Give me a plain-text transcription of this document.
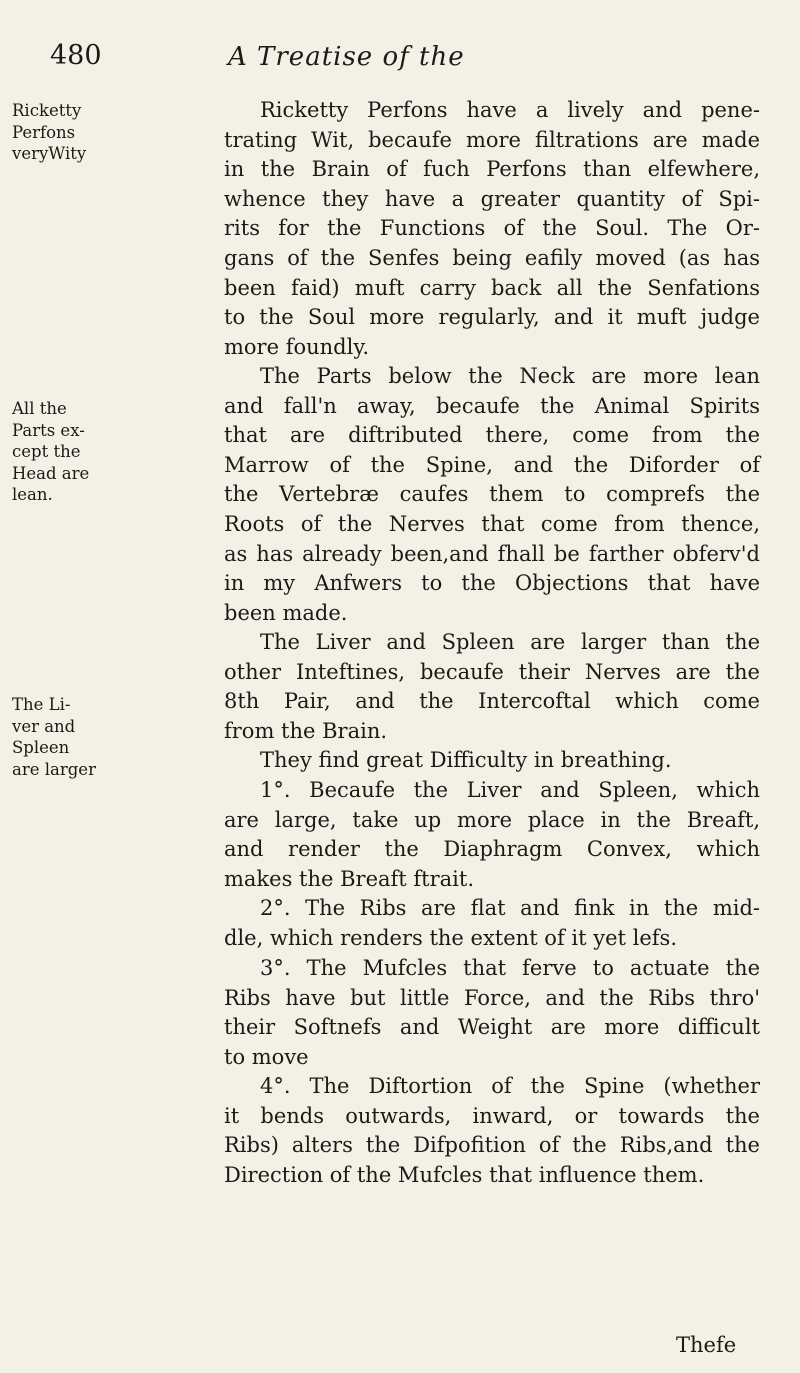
480	A Treatise of the
Ricketty
Perfons
veryWity
All the
Parts ex-
cept the
Head are
lean.
The Li-
ver and
Spleen
are larger
Ricketty Perfons have a lively and pene-
trating Wit, becaufe more filtrations are made
in the Brain of fuch Perfons than elfewhere,
whence they have a greater quantity of Spi-
rits for the Functions of the Soul. The Or-
gans of the Senfes being eafily moved (as has
been faid) muft carry back all the Senfations
to the Soul more regularly, and it muft judge
more foundly.
The Parts below the Neck are more lean
and fall'n away, becaufe the Animal Spirits
that are diftributed there, come from the
Marrow of the Spine, and the Diforder of
the Vertebræ caufes them to comprefs the
Roots of the Nerves that come from thence,
as has already been,and fhall be farther obferv'd
in my Anfwers to the Objections that have
been made.
The Liver and Spleen are larger than the
other Inteftines, becaufe their Nerves are the
8th Pair, and the Intercoftal which come
from the Brain.
They find great Difficulty in breathing.
1°. Becaufe the Liver and Spleen, which
are large, take up more place in the Breaft,
and render the Diaphragm Convex, which
makes the Breaft ftrait.
2°. The Ribs are flat and fink in the mid-
dle, which renders the extent of it yet lefs.
3°. The Mufcles that ferve to actuate the
Ribs have but little Force, and the Ribs thro'
their Softnefs and Weight are more difficult
to move
4°. The Diftortion of the Spine (whether
it bends outwards, inward, or towards the
Ribs) alters the Difpofition of the Ribs,and the
Direction of the Mufcles that influence them.
Thefe
